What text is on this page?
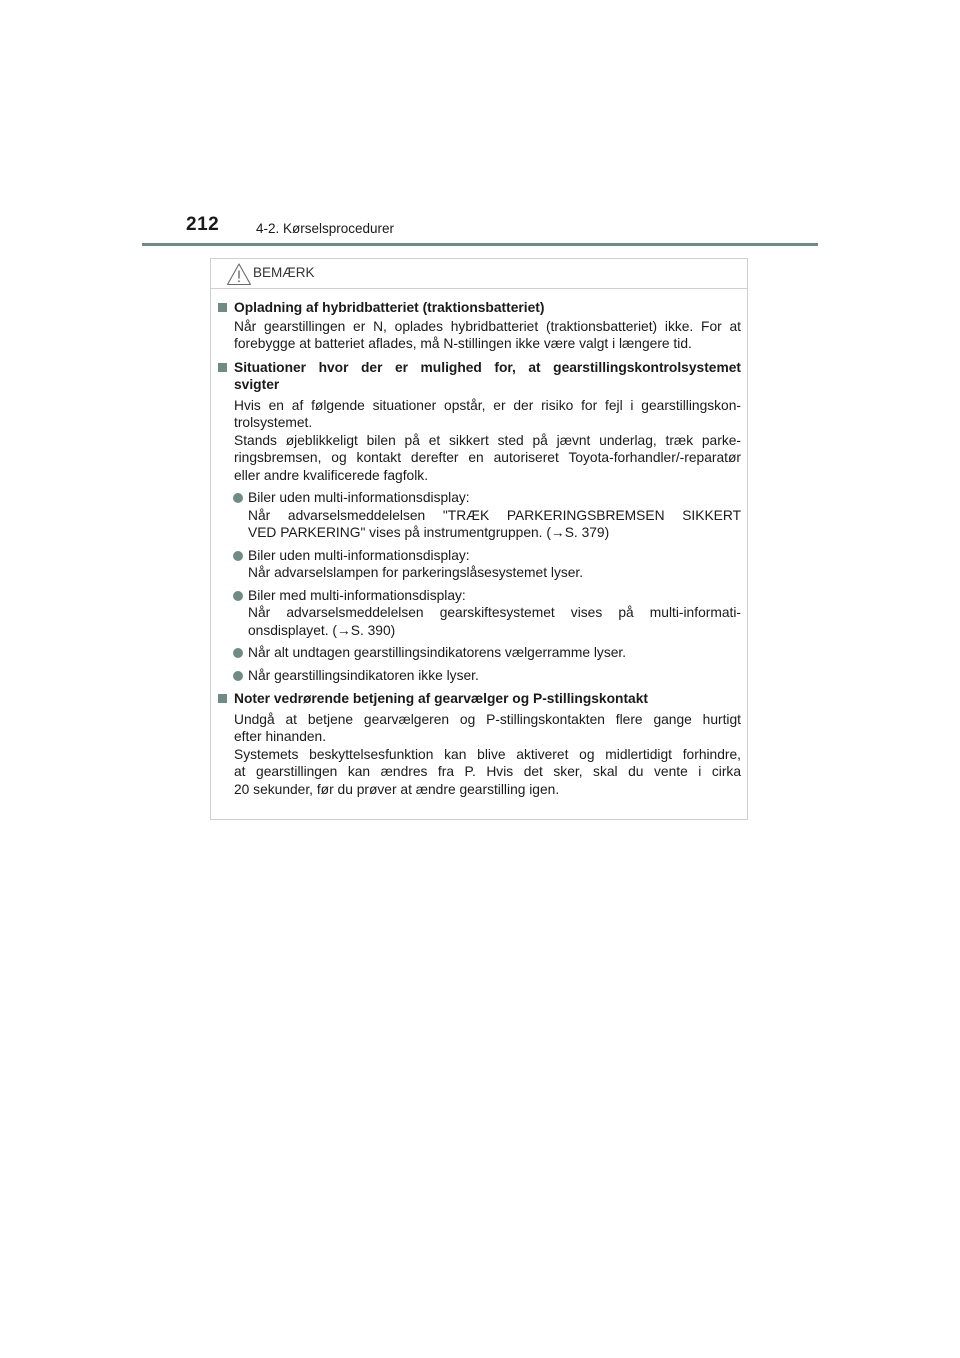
212	4-2. Kørselsprocedurer
BEMÆRK
Opladning af hybridbatteriet (traktionsbatteriet)
Når gearstillingen er N, oplades hybridbatteriet (traktionsbatteriet) ikke. For at
forebygge at batteriet aflades, må N-stillingen ikke være valgt i længere tid.
Situationer hvor der er mulighed for, at gearstillingskontrolsystemet
svigter
Hvis en af følgende situationer opstår, er der risiko for fejl i gearstillingskon-
trolsystemet.
Stands øjeblikkeligt bilen på et sikkert sted på jævnt underlag, træk parke-
ringsbremsen, og kontakt derefter en autoriseret Toyota-forhandler/-reparatør
eller andre kvalificerede fagfolk.
Biler uden multi-informationsdisplay:
Når advarselsmeddelelsen "TRÆK PARKERINGSBREMSEN SIKKERT
VED PARKERING" vises på instrumentgruppen. (→S. 379)
Biler uden multi-informationsdisplay:
Når advarselslampen for parkeringslåsesystemet lyser.
Biler med multi-informationsdisplay:
Når advarselsmeddelelsen gearskiftesystemet vises på multi-informati-
onsdisplayet. (→S. 390)
Når alt undtagen gearstillingsindikatorens vælgerramme lyser.
Når gearstillingsindikatoren ikke lyser.
Noter vedrørende betjening af gearvælger og P-stillingskontakt
Undgå at betjene gearvælgeren og P-stillingskontakten flere gange hurtigt
efter hinanden.
Systemets beskyttelsesfunktion kan blive aktiveret og midlertidigt forhindre,
at gearstillingen kan ændres fra P. Hvis det sker, skal du vente i cirka
20 sekunder, før du prøver at ændre gearstilling igen.
